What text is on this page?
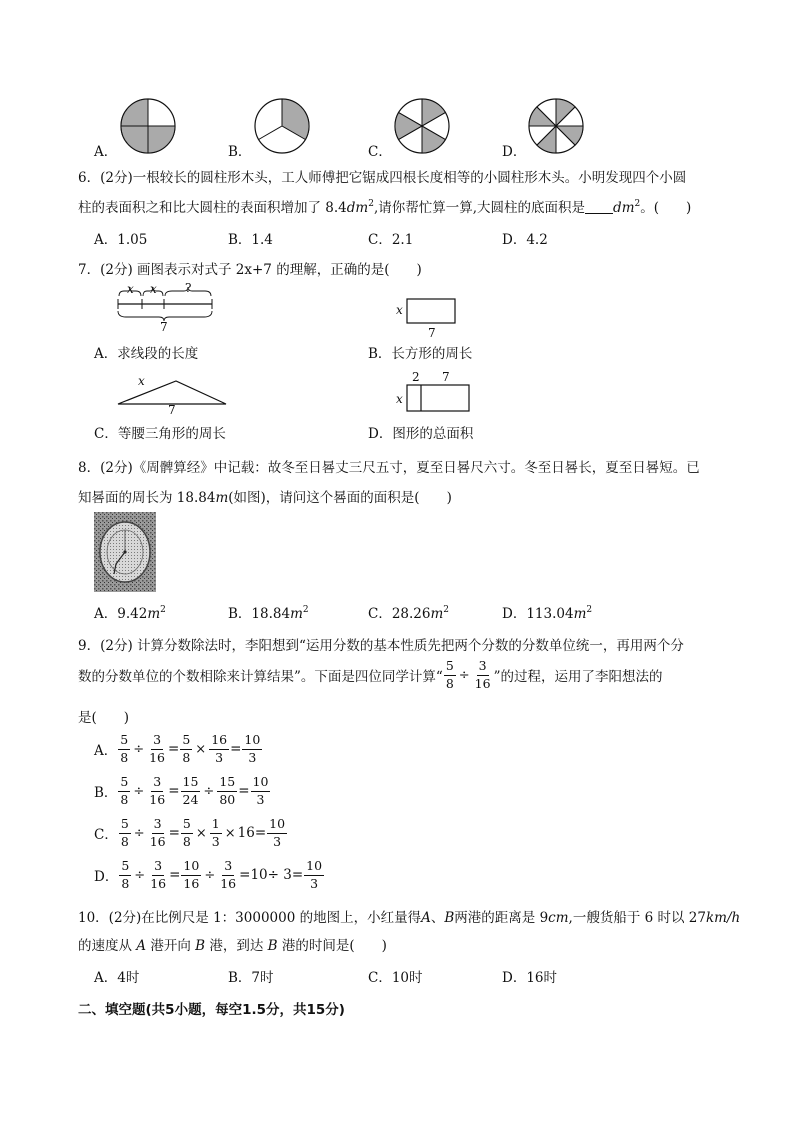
A．	B．	C．	D．
6．(2分)一根较长的圆柱形木头，工人师傅把它锯成四根长度相等的小圆柱形木头。小明发现四个小圆
柱的表面积之和比大圆柱的表面积增加了 $8.4dm^2$,请你帮忙算一算,大圆柱的底面积是 $dm^2$。(　　)
A．1.05	B．1.4	C．2.1	D．4.2
7．(2分) 画图表示对式子 2x+7 的理解，正确的是(　　)
x x ?
7
A．求线段的长度
x
7
B．长方形的周长
x
7
C．等腰三角形的周长
2 7
x
D．图形的总面积
8．(2分)《周髀算经》中记载：故冬至日晷丈三尺五寸，夏至日晷尺六寸。冬至日晷长，夏至日晷短。已
知晷面的周长为 18.84m(如图)，请问这个晷面的面积是(　　)
A．$9.42m^2$	B．$18.84m^2$	C．$28.26m^2$	D．$113.04m^2$
9．(2分) 计算分数除法时，李阳想到“运用分数的基本性质先把两个分数的分数单位统一，再用两个分
数的分数单位的个数相除来计算结果”。下面是四位同学计算“ $\frac{5}{8} \div \frac{3}{16}$ ”的过程，运用了李阳想法的
是(　　)
A． $\frac{5}{8} \div \frac{3}{16} = \frac{5}{8} \times \frac{16}{3} = \frac{10}{3}$
B． $\frac{5}{8} \div \frac{3}{16} = \frac{15}{24} \div \frac{15}{80} = \frac{10}{3}$
C． $\frac{5}{8} \div \frac{3}{16} = \frac{5}{8} \times \frac{1}{3} \times 16 = \frac{10}{3}$
D． $\frac{5}{8} \div \frac{3}{16} = \frac{10}{16} \div \frac{3}{16} = 10\div 3 = \frac{10}{3}$
10．(2分)在比例尺是 1：3000000 的地图上，小红量得A、B两港的距离是 9cm,一艘货船于 6 时以 27km/h
的速度从 A 港开向 B 港，到达 B 港的时间是(　　)
A．4时	B．7时	C．10时	D．16时
二、填空题(共5小题，每空1.5分，共15分)
